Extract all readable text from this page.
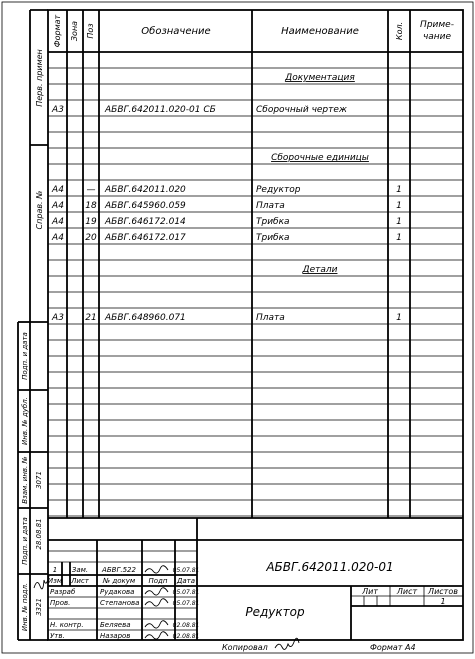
Перв. примен
Справ. №
Подп. и дата
Инв. № дубл.
Взам. инв. № 3071
Подп. и дата 28.08.81
Инв. № подл. 3321
Формат Зона Поз	Обозначение	Наименование	Кол. Приме-
чание
Документация
А3	АБВГ.642011.020-01 СБ	Сборочный чертеж
Сборочные единицы
А4	— АБВГ.642011.020	Редуктор	1
А4 18 АБВГ.645960.059	Плата	1
А4 19 АБВГ.646172.014	Трибка	1
А4 20 АБВГ.646172.017	Трибка	1
Детали
А3 21 АБВГ.648960.071	Плата	1
АБВГ.642011.020-01
Редуктор
Лит Лист Листов
1
1 Зам. АБВГ.522	05.07.81
Изм Лист № докум Подп Дата
Разраб	Рудакова	05.07.81
Пров.	Степанова	05.07.81
Н. контр. Беляева	02.08.81
Утв.	Назаров	02.08.81
Копировал	Формат А4
